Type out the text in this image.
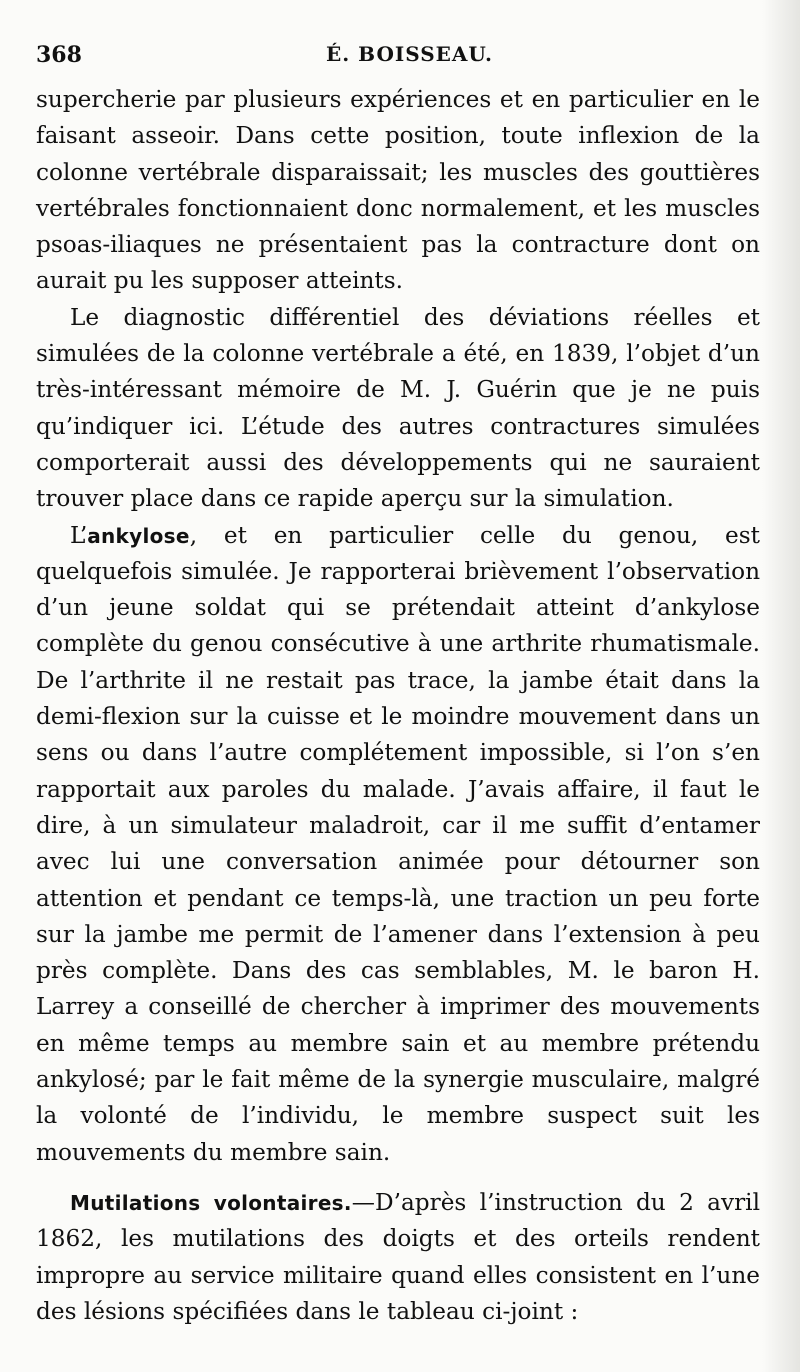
368	É. BOISSEAU.

supercherie par plusieurs expériences et en particulier en le faisant asseoir. Dans cette position, toute inflexion de la colonne vertébrale disparaissait; les muscles des gouttières vertébrales fonctionnaient donc normalement, et les muscles psoas-iliaques ne présentaient pas la contracture dont on aurait pu les supposer atteints.

Le diagnostic différentiel des déviations réelles et simulées de la colonne vertébrale a été, en 1839, l’objet d’un très-intéressant mémoire de M. J. Guérin que je ne puis qu’indiquer ici. L’étude des autres contractures simulées comporterait aussi des développements qui ne sauraient trouver place dans ce rapide aperçu sur la simulation.

L’ankylose, et en particulier celle du genou, est quelquefois simulée. Je rapporterai brièvement l’observation d’un jeune soldat qui se prétendait atteint d’ankylose complète du genou consécutive à une arthrite rhumatismale. De l’arthrite il ne restait pas trace, la jambe était dans la demi-flexion sur la cuisse et le moindre mouvement dans un sens ou dans l’autre complétement impossible, si l’on s’en rapportait aux paroles du malade. J’avais affaire, il faut le dire, à un simulateur maladroit, car il me suffit d’entamer avec lui une conversation animée pour détourner son attention et pendant ce temps-là, une traction un peu forte sur la jambe me permit de l’amener dans l’extension à peu près complète. Dans des cas semblables, M. le baron H. Larrey a conseillé de chercher à imprimer des mouvements en même temps au membre sain et au membre prétendu ankylosé; par le fait même de la synergie musculaire, malgré la volonté de l’individu, le membre suspect suit les mouvements du membre sain.

Mutilations volontaires.—D’après l’instruction du 2 avril 1862, les mutilations des doigts et des orteils rendent impropre au service militaire quand elles consistent en l’une des lésions spécifiées dans le tableau ci-joint :
